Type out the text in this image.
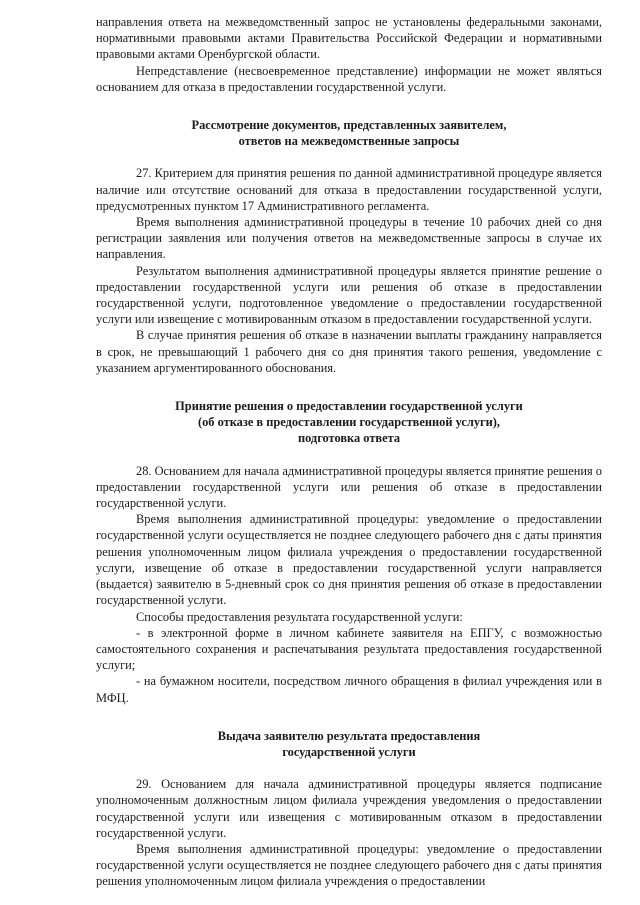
направления ответа на межведомственный запрос не установлены федеральными законами, нормативными правовыми актами Правительства Российской Федерации и нормативными правовыми актами Оренбургской области.

Непредставление (несвоевременное представление) информации не может являться основанием для отказа в предоставлении государственной услуги.

Рассмотрение документов, представленных заявителем,
ответов на межведомственные запросы

27. Критерием для принятия решения по данной административной процедуре является наличие или отсутствие оснований для отказа в предоставлении государственной услуги, предусмотренных пунктом 17 Административного регламента.

Время выполнения административной процедуры в течение 10 рабочих дней со дня регистрации заявления или получения ответов на межведомственные запросы в случае их направления.

Результатом выполнения административной процедуры является принятие решение о предоставлении государственной услуги или решения об отказе в предоставлении государственной услуги, подготовленное уведомление о предоставлении государственной услуги или извещение с мотивированным отказом в предоставлении государственной услуги.

В случае принятия решения об отказе в назначении выплаты гражданину направляется в срок, не превышающий 1 рабочего дня со дня принятия такого решения, уведомление с указанием аргументированного обоснования.

Принятие решения о предоставлении государственной услуги
(об отказе в предоставлении государственной услуги),
подготовка ответа

28. Основанием для начала административной процедуры является принятие решения о предоставлении государственной услуги или решения об отказе в предоставлении государственной услуги.

Время выполнения административной процедуры: уведомление о предоставлении государственной услуги осуществляется не позднее следующего рабочего дня с даты принятия решения уполномоченным лицом филиала учреждения о предоставлении государственной услуги, извещение об отказе в предоставлении государственной услуги направляется (выдается) заявителю в 5-дневный срок со дня принятия решения об отказе в предоставлении государственной услуги.

Способы предоставления результата государственной услуги:

- в электронной форме в личном кабинете заявителя на ЕПГУ, с возможностью самостоятельного сохранения и распечатывания результата предоставления государственной услуги;

- на бумажном носители, посредством личного обращения в филиал учреждения или в МФЦ.

Выдача заявителю результата предоставления
государственной услуги

29. Основанием для начала административной процедуры является подписание уполномоченным должностным лицом филиала учреждения уведомления о предоставлении государственной услуги или извещения с мотивированным отказом в предоставлении государственной услуги.

Время выполнения административной процедуры: уведомление о предоставлении государственной услуги осуществляется не позднее следующего рабочего дня с даты принятия решения уполномоченным лицом филиала учреждения о предоставлении
